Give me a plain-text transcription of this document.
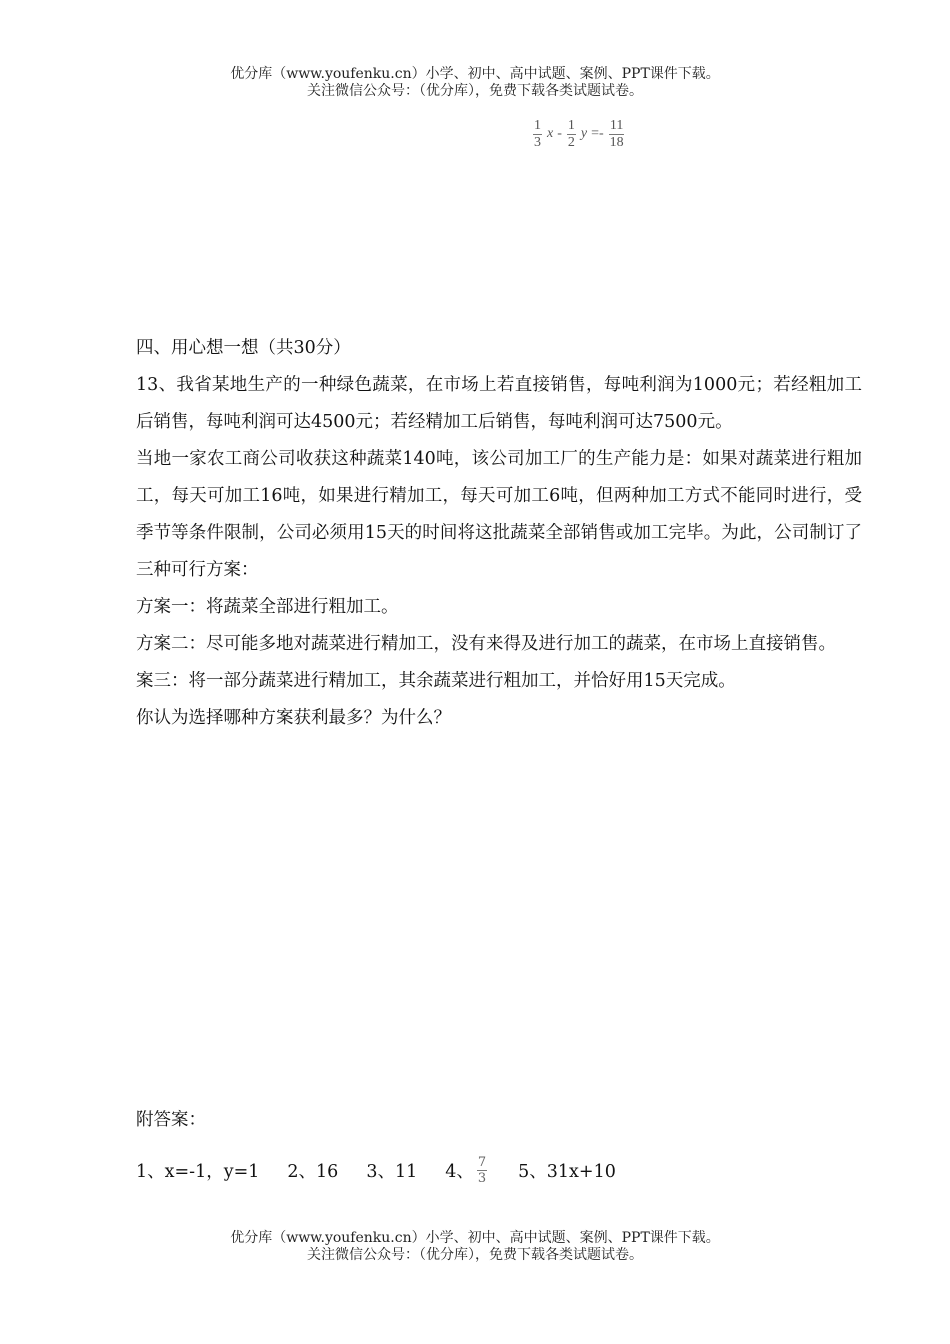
优分库（www.youfenku.cn）小学、初中、高中试题、案例、PPT课件下载。
关注微信公众号：（优分库），免费下载各类试题试卷。
$\frac{1}{3}$ x - $\frac{1}{2}$ $y =- \frac{11}{18}$

四、用心想一想（共30分）

13、我省某地生产的一种绿色蔬菜，在市场上若直接销售，每吨利润为1000元；若经粗加工后销售，每吨利润可达4500元；若经精加工后销售，每吨利润可达7500元。

当地一家农工商公司收获这种蔬菜140吨，该公司加工厂的生产能力是：如果对蔬菜进行粗加工，每天可加工16吨，如果进行精加工，每天可加工6吨，但两种加工方式不能同时进行，受季节等条件限制，公司必须用15天的时间将这批蔬菜全部销售或加工完毕。为此，公司制订了三种可行方案：

方案一：将蔬菜全部进行粗加工。

方案二：尽可能多地对蔬菜进行精加工，没有来得及进行加工的蔬菜，在市场上直接销售。

案三：将一部分蔬菜进行精加工，其余蔬菜进行粗加工，并恰好用15天完成。

你认为选择哪种方案获利最多？为什么？

附答案：
1、x=-1，y=1 2、16 3、11 4、 $\frac{7}{3} 5$、31x+10
优分库（www.youfenku.cn）小学、初中、高中试题、案例、PPT课件下载。
关注微信公众号：（优分库），免费下载各类试题试卷。
